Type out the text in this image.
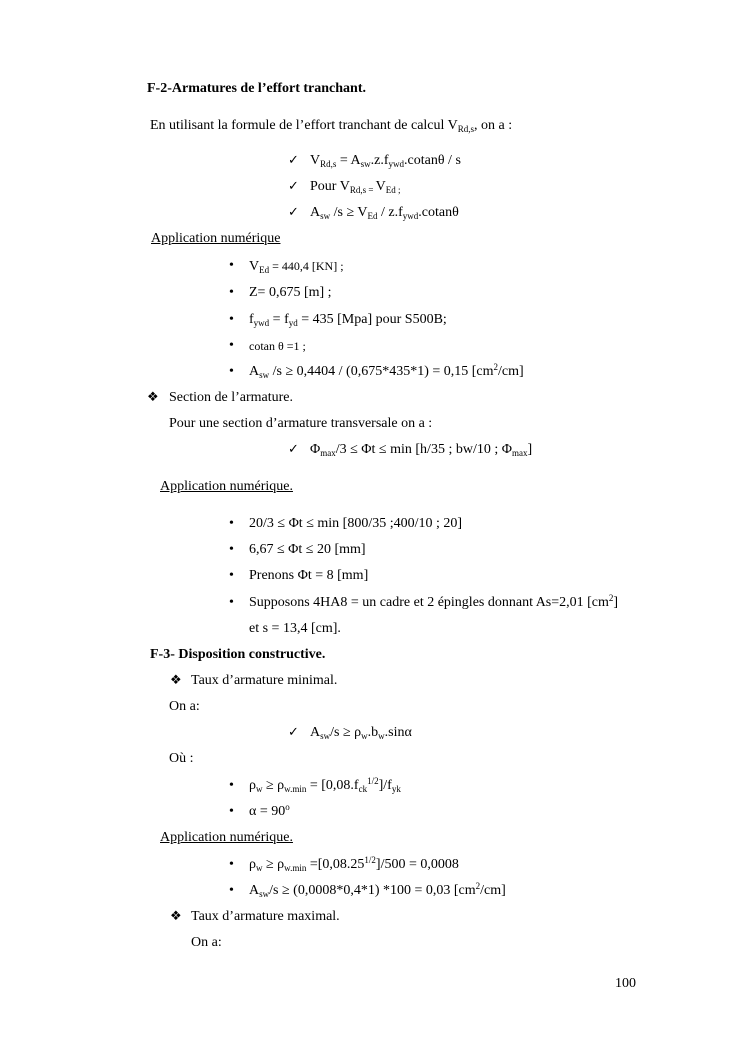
F-2-Armatures de l’effort tranchant.
En utilisant la formule de l’effort tranchant de calcul $V_{Rd,s}$, on a :
✓ $V_{Rd,s} = A_{sw}.z.f_{ywd}.cotan\theta / s$
✓ Pour $V_{Rd,s =}$ $V_{Ed ;}$
✓ $A_{sw}$ $/s \ge V_{Ed} / z.f_{ywd}.cotan\theta$
Application numérique
• $V_{Ed} = 440,4$ [KN] ;
• Z= 0,675 [m] ;
• $f_{ywd} = f_{yd} = 435$ [Mpa] pour S500B;
• cotan θ =1 ;
• $A_{sw}$ /s ≥ 0,4404 / (0,675*435*1) = 0,15 $[cm^2/cm]$
❖ Section de l’armature.
Pour une section d’armature transversale on a :
✓ $\Phi_{max}/3 \le \Phi t \le \min [h/35$ ; bw/10 ; $\Phi_{max}$]
Application numérique.
• 20/3 ≤ Φt ≤ min [800/35 ;400/10 ; 20]
• 6,67 ≤ Φt ≤ 20 [mm]
• Prenons Φt = 8 [mm]
• Supposons 4HA8 = un cadre et 2 épingles donnant As=2,01 $[cm^2]$
et s = 13,4 [cm].
F-3- Disposition constructive.
❖ Taux d’armature minimal.
On a:
✓ $A_{sw}/s \ge \rho_w.b_w.\sin\alpha$
Où :
• $\rho_w \ge \rho_{w.min} = [0,08.f_{ck}^{1/2}]/f_{yk}$
• $\alpha = 90^o$
Application numérique.
• $\rho_w \ge \rho_{w.min} =[0,08.25^{1/2}]/500 = 0,0008$
• $A_{sw}/s \ge (0,0008*0,4*1) *100 = 0,03$ $[cm^2/cm]$
❖ Taux d’armature maximal.
On a:
100
